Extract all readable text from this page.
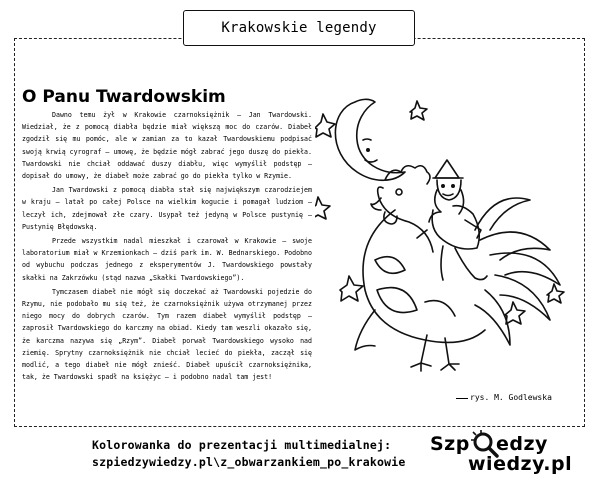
Krakowskie legendy
O Panu Twardowskim

Dawno temu żył w Krakowie czarnoksiężnik – Jan Twardowski. Wiedział, że z pomocą diabła będzie miał większą moc do czarów. Diabeł zgodził się mu pomóc, ale w zamian za to kazał Twardowskiemu podpisać swoją krwią cyrograf – umowę, że będzie mógł zabrać jego duszę do piekła. Twardowski nie chciał oddawać duszy diabłu, więc wymyślił podstęp – dopisał do umowy, że diabeł może zabrać go do piekła tylko w Rzymie.

Jan Twardowski z pomocą diabła stał się największym czarodziejem w kraju – latał po całej Polsce na wielkim kogucie i pomagał ludziom – leczył ich, zdejmował złe czary. Usypał też jedyną w Polsce pustynię – Pustynię Błędowską.

Przede wszystkim nadal mieszkał i czarował w Krakowie – swoje laboratorium miał w Krzemionkach – dziś park im. W. Bednarskiego. Podobno od wybuchu podczas jednego z eksperymentów J. Twardowskiego powstały skałki na Zakrzówku (stąd nazwa „Skałki Twardowskiego”).

Tymczasem diabeł nie mógł się doczekać aż Twardowski pojedzie do Rzymu, nie podobało mu się też, że czarnoksiężnik używa otrzymanej przez niego mocy do dobrych czarów. Tym razem diabeł wymyślił podstęp – zaprosił Twardowskiego do karczmy na obiad. Kiedy tam weszli okazało się, że karczma nazywa się „Rzym”. Diabeł porwał Twardowskiego wysoko nad ziemię. Sprytny czarnoksiężnik nie chciał lecieć do piekła, zaczął się modlić, a tego diabeł nie mógł znieść. Diabeł upuścił czarnoksiężnika, tak, że Twardowski spadł na księżyc – i podobno nadal tam jest!

rys. M. Godlewska
Kolorowanka do prezentacji multimedialnej:
szpiedzywiedzy.pl\z_obwarzankiem_po_krakowie
Szp edzy
wiedzy.pl
